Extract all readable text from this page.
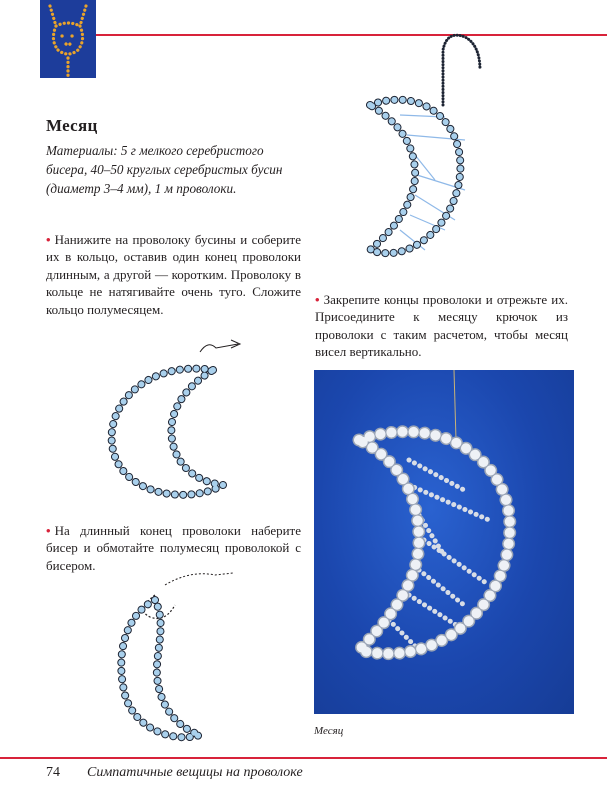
Месяц
Материалы: 5 г мелкого серебристого бисера, 40–50 круглых серебристых бусин (диаметр 3–4 мм), 1 м проволоки.
• Нанижите на проволоку бусины и соберите их в кольцо, оставив один конец проволоки длинным, а другой — коротким. Проволоку в кольце не натягивайте очень туго. Сложите кольцо полумесяцем.
• На длинный конец проволоки наберите бисер и обмотайте полумесяц проволокой с бисером.
• Закрепите концы проволоки и отрежьте их. Присоедините к месяцу крючок из проволоки с таким расчетом, чтобы месяц висел вертикально.
Месяц
74 Симпатичные вещицы на проволоке
